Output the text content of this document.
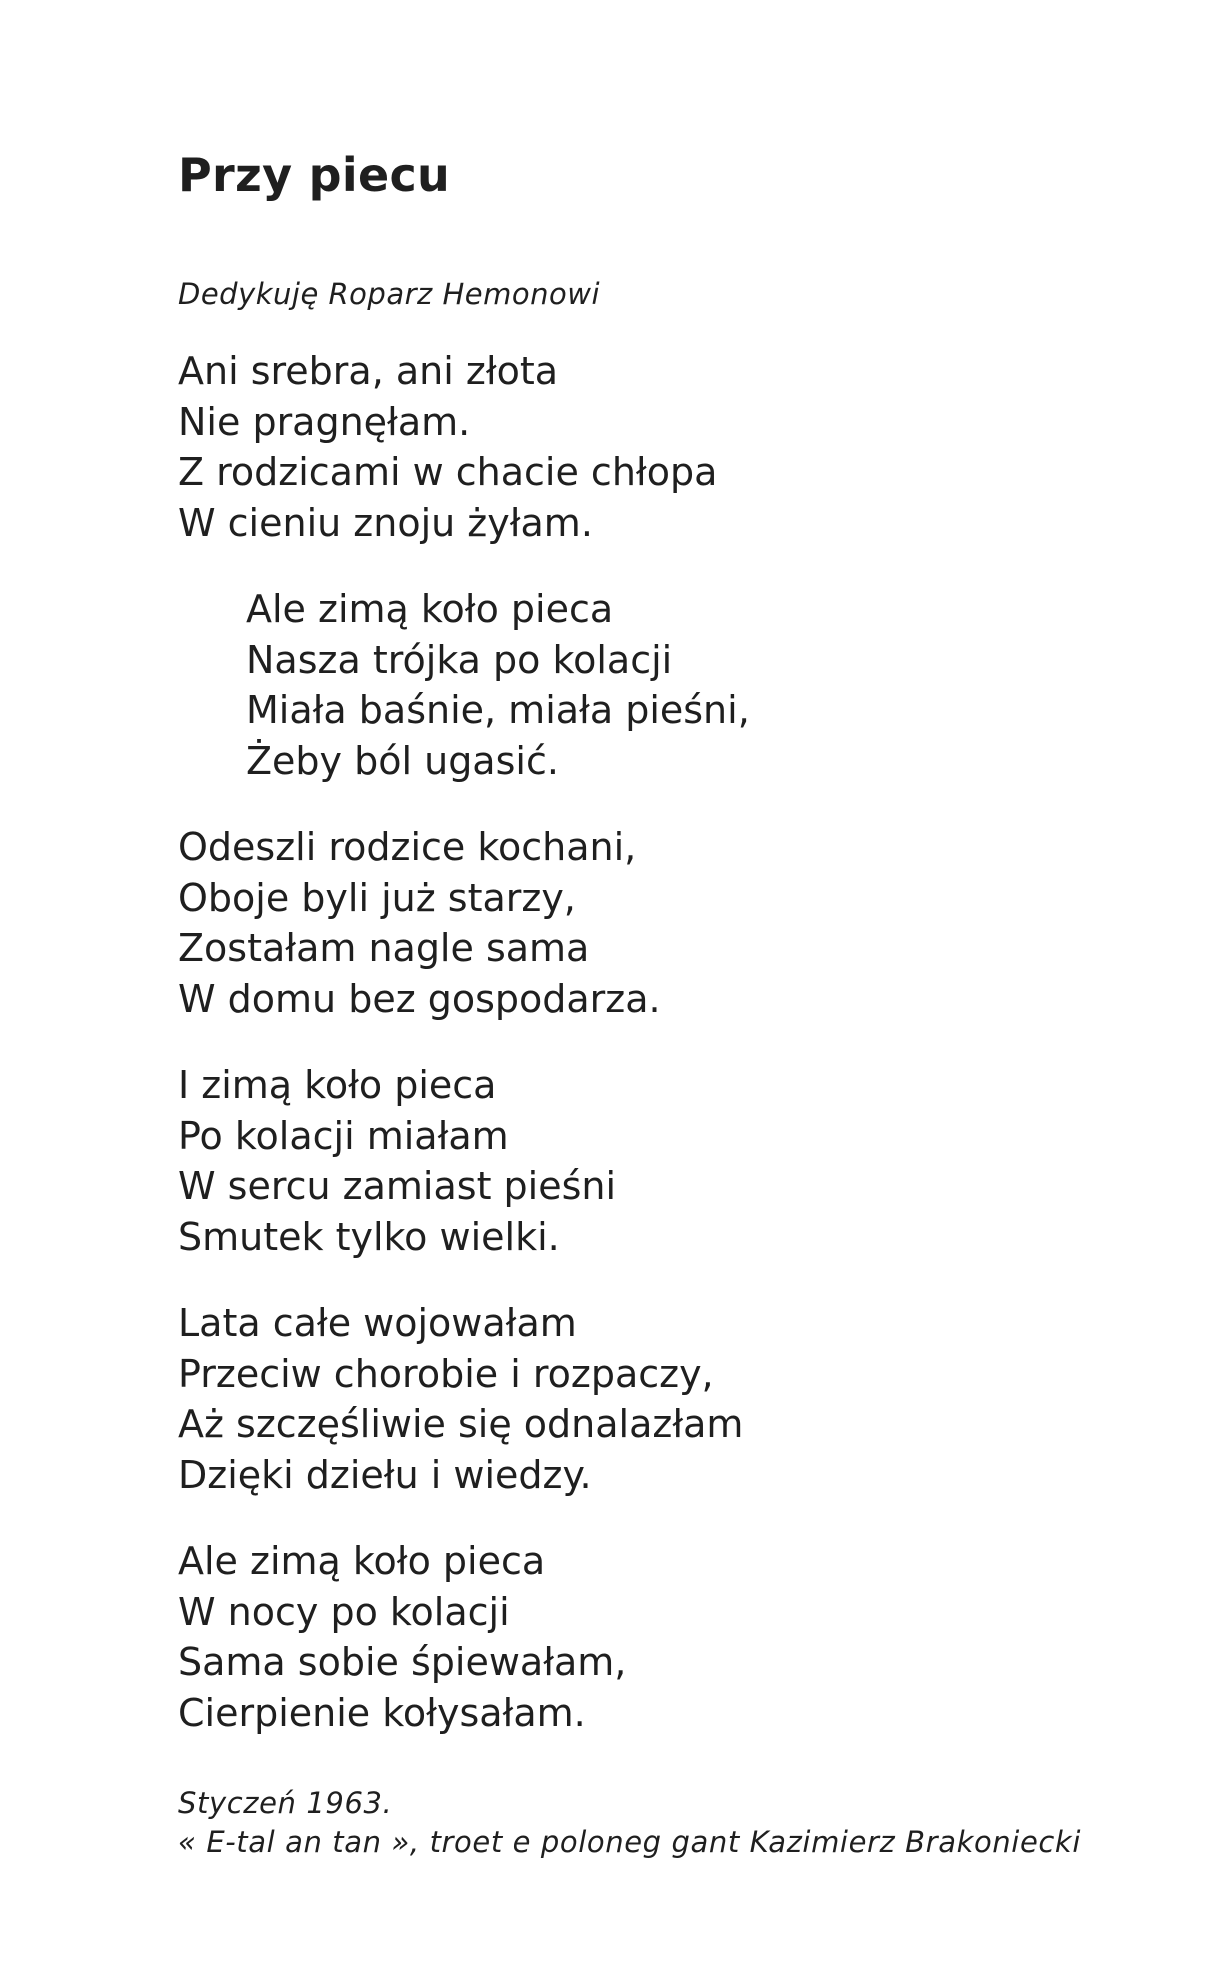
Przy piecu
Dedykuję Roparz Hemonowi
Ani srebra, ani złota
Nie pragnęłam.
Z rodzicami w chacie chłopa
W cieniu znoju żyłam.
Ale zimą koło pieca
Nasza trójka po kolacji
Miała baśnie, miała pieśni,
Żeby ból ugasić.
Odeszli rodzice kochani,
Oboje byli już starzy,
Zostałam nagle sama
W domu bez gospodarza.
I zimą koło pieca
Po kolacji miałam
W sercu zamiast pieśni
Smutek tylko wielki.
Lata całe wojowałam
Przeciw chorobie i rozpaczy,
Aż szczęśliwie się odnalazłam
Dzięki dziełu i wiedzy.
Ale zimą koło pieca
W nocy po kolacji
Sama sobie śpiewałam,
Cierpienie kołysałam.
Styczeń 1963.
« E-tal an tan », troet e poloneg gant Kazimierz Brakoniecki
